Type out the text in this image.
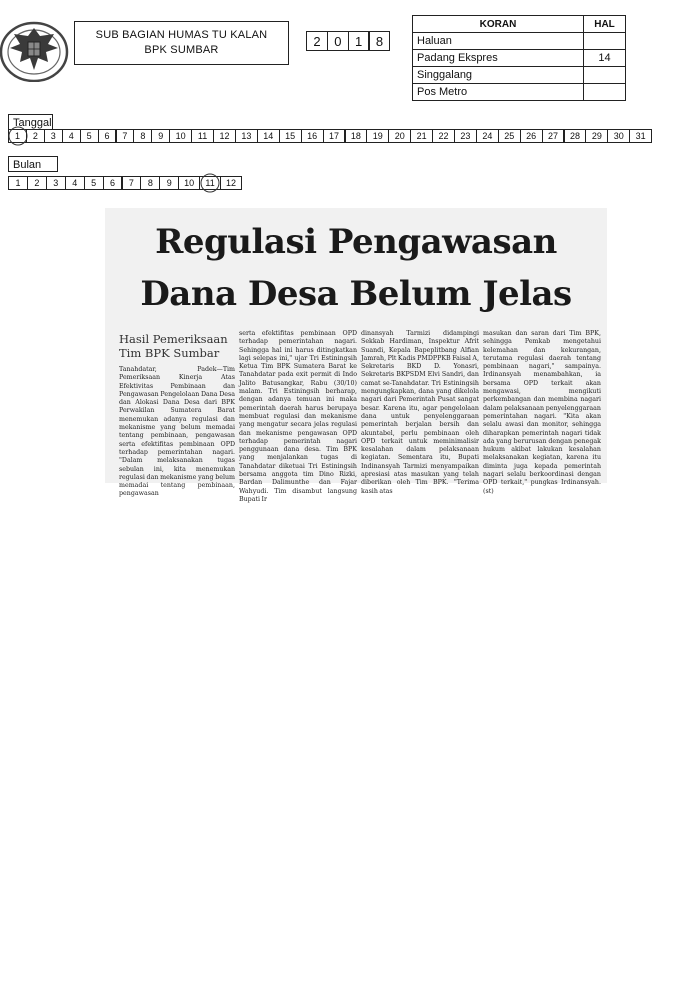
SUB BAGIAN HUMAS TU KALAN
BPK SUMBAR
2	0	1	8
KORAN	HAL
Haluan	
Padang Ekspres	14
Singgalang	
Pos Metro	
Tanggal
1	2	3	4	5	6	7	8	9	10	11	12	13	14	15	16	17	18	19	20	21	22	23	24	25	26	27	28	29	30	31
Bulan
1	2	3	4	5	6	7	8	9	10	11	12
Regulasi Pengawasan
Dana Desa Belum Jelas
Hasil Pemeriksaan Tim BPK Sumbar
Tanahdatar, Padek—Tim Pemeriksaan Kinerja Atas Efektivitas Pembinaan dan Pengawasan Pengelolaan Dana Desa dan Alokasi Dana Desa dari BPK Perwakilan Sumatera Barat menemukan adanya regulasi dan mekanisme yang belum memadai tentang pembinaan, pengawasan serta efektifitas pembinaan OPD terhadap pemerintahan nagari. "Dalam melaksanakan tugas sebulan ini, kita menemukan regulasi dan mekanisme yang belum memadai tentang pembinaan, pengawasan
serta efektifitas pembinaan OPD terhadap pemerintahan nagari. Sehingga hal ini harus ditingkatkan lagi selepas ini," ujar Tri Estiningsih Ketua Tim BPK Sumatera Barat ke Tanahdatar pada exit permit di Indo Jalito Batusangkar, Rabu (30/10) malam. Tri Estiningsih berharap, dengan adanya temuan ini maka pemerintah daerah harus berupaya membuat regulasi dan mekanisme yang mengatur secara jelas regulasi dan mekanisme pengawasan OPD terhadap pemerintah nagari penggunaan dana desa. Tim BPK yang menjalankan tugas di Tanahdatar diketuai Tri Estiningsih bersama anggota tim Dino Rizki, Bardan Dalimunthe dan Fajar Wahyudi. Tim disambut langsung Bupati Ir
dinansyah Tarmizi didampingi Sekkab Hardiman, Inspektur Afrit Suandi, Kepala Bapeplitbang Alfian Jamrah, Plt Kadis PMDPPKB Faisal A, Sekretaris BKD D. Yonasri, Sekretaris BKPSDM Elvi Sandri, dan camat se-Tanahdatar. Tri Estiningsih mengungkapkan, dana yang dikelola nagari dari Pemerintah Pusat sangat besar. Karena itu, agar pengelolaan dana untuk penyelenggaraan pemerintah berjalan bersih dan akuntabel, perlu pembinaan oleh OPD terkait untuk meminimalisir kesalahan dalam pelaksanaan kegiatan. Sementara itu, Bupati Indinansyah Tarmizi menyampaikan apresiasi atas masukan yang telah diberikan oleh Tim BPK. "Terima kasih atas
masukan dan saran dari Tim BPK, sehingga Pemkab mengetahui kelemahan dan kekurangan, terutama regulasi daerah tentang pembinaan nagari," sampainya. Irdinansyah menambahkan, ia bersama OPD terkait akan mengawasi, mengikuti perkembangan dan membina nagari dalam pelaksanaan penyelenggaraan pemerintahan nagari. "Kita akan selalu awasi dan monitor, sehingga diharapkan pemerintah nagari tidak ada yang berurusan dengan penegak hukum akibat lakukan kesalahan melaksanakan kegiatan, karena itu diminta juga kepada pemerintah nagari selalu berkoordinasi dengan OPD terkait," pungkas Irdinansyah. (st)
